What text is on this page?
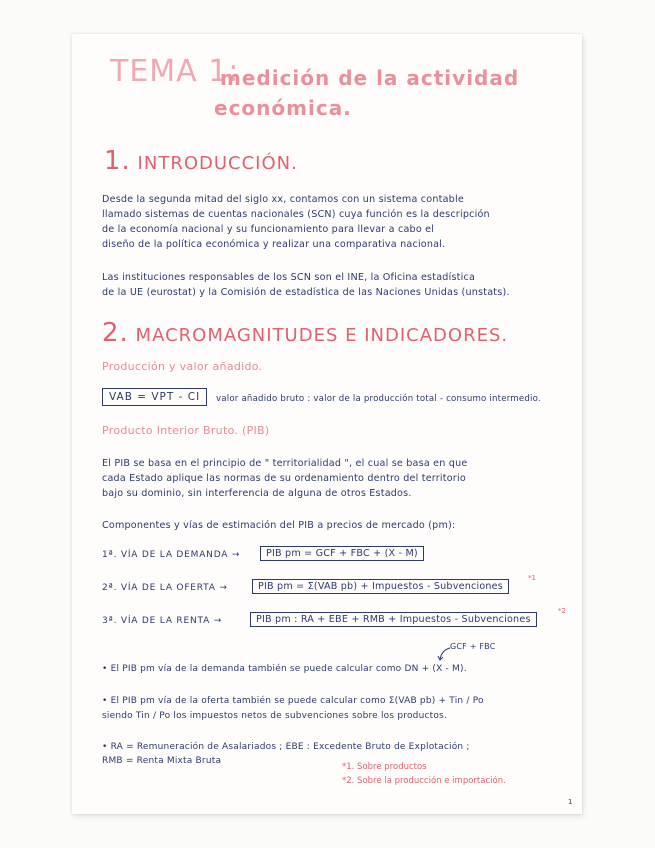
TEMA 1:
medición de la actividad
económica.
1. INTRODUCCIÓN.
Desde la segunda mitad del siglo xx, contamos con un sistema contable
llamado sistemas de cuentas nacionales (SCN) cuya función es la descripción
de la economía nacional y su funcionamiento para llevar a cabo el
diseño de la política económica y realizar una comparativa nacional.
Las instituciones responsables de los SCN son el INE, la Oficina estadística
de la UE (eurostat) y la Comisión de estadística de las Naciones Unidas (unstats).
2. MACROMAGNITUDES E INDICADORES.
Producción y valor añadido.
VAB = VPT - CI	valor añadido bruto : valor de la producción total - consumo intermedio.
Producto Interior Bruto. (PIB)
El PIB se basa en el principio de " territorialidad ", el cual se basa en que
cada Estado aplique las normas de su ordenamiento dentro del territorio
bajo su dominio, sin interferencia de alguna de otros Estados.
Componentes y vías de estimación del PIB a precios de mercado (pm):
1ª. VÍA DE LA DEMANDA →	PIB pm = GCF + FBC + (X - M)
2ª. VÍA DE LA OFERTA →	PIB pm = Σ(VAB pb) + Impuestos - Subvenciones
*1
3ª. VÍA DE LA RENTA →	PIB pm : RA + EBE + RMB + Impuestos - Subvenciones
*2
GCF + FBC
• El PIB pm vía de la demanda también se puede calcular como DN + (X - M).
• El PIB pm vía de la oferta también se puede calcular como Σ(VAB pb) + Tin / Po
siendo Tin / Po los impuestos netos de subvenciones sobre los productos.
• RA = Remuneración de Asalariados ; EBE : Excedente Bruto de Explotación ;
RMB = Renta Mixta Bruta
*1. Sobre productos
*2. Sobre la producción e importación.
1
